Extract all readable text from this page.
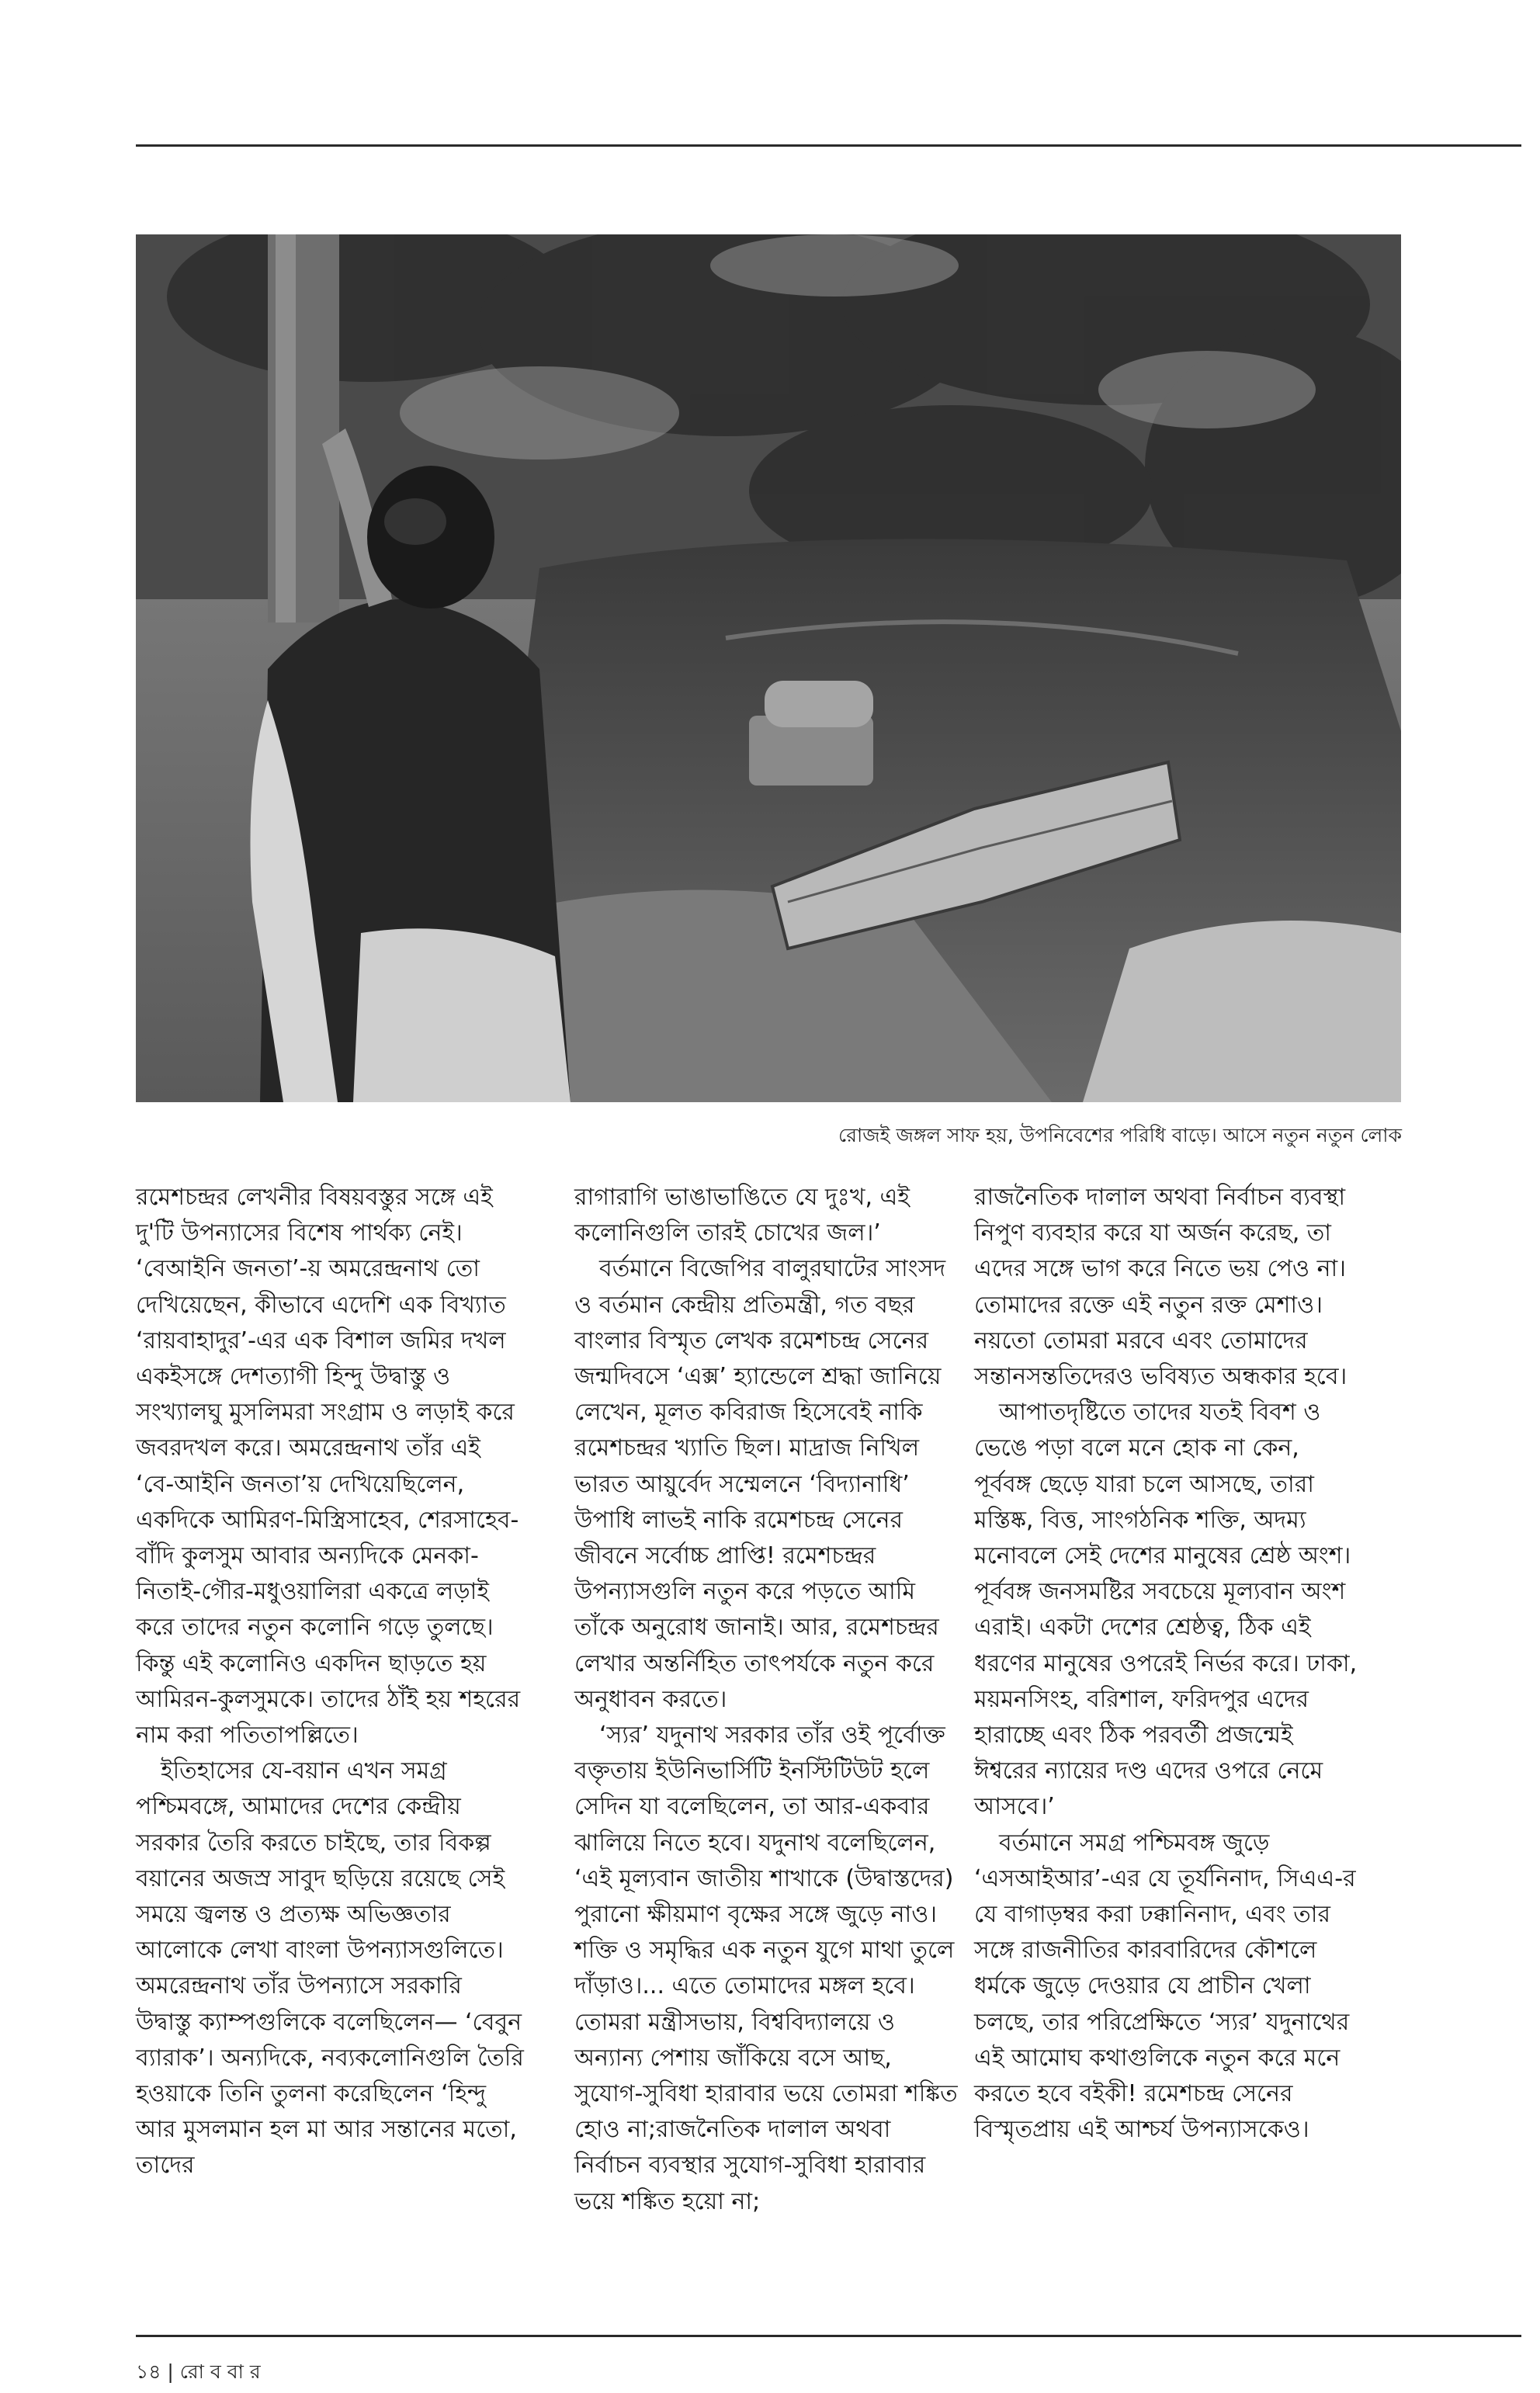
রোজই জঙ্গল সাফ হয়, উপনিবেশের পরিধি বাড়ে। আসে নতুন নতুন লোক

রমেশচন্দ্রর লেখনীর বিষয়বস্তুর সঙ্গে এই দু'টি উপন্যাসের বিশেষ পার্থক্য নেই। ‘বেআইনি জনতা’-য় অমরেন্দ্রনাথ তো দেখিয়েছেন, কীভাবে এদেশি এক বিখ্যাত ‘রায়বাহাদুর’-এর এক বিশাল জমির দখল একইসঙ্গে দেশত্যাগী হিন্দু উদ্বাস্তু ও সংখ্যালঘু মুসলিমরা সংগ্রাম ও লড়াই করে জবরদখল করে। অমরেন্দ্রনাথ তাঁর এই ‘বে-আইনি জনতা’য় দেখিয়েছিলেন, একদিকে আমিরণ-মিস্ত্রিসাহেব, শেরসাহেব-বাঁদি কুলসুম আবার অন্যদিকে মেনকা-নিতাই-গৌর-মধুওয়ালিরা একত্রে লড়াই করে তাদের নতুন কলোনি গড়ে তুলছে। কিন্তু এই কলোনিও একদিন ছাড়তে হয় আমিরন-কুলসুমকে। তাদের ঠাঁই হয় শহরের নাম করা পতিতাপল্লিতে।

ইতিহাসের যে-বয়ান এখন সমগ্র পশ্চিমবঙ্গে, আমাদের দেশের কেন্দ্রীয় সরকার তৈরি করতে চাইছে, তার বিকল্প বয়ানের অজস্র সাবুদ ছড়িয়ে রয়েছে সেই সময়ে জ্বলন্ত ও প্রত্যক্ষ অভিজ্ঞতার আলোকে লেখা বাংলা উপন্যাসগুলিতে। অমরেন্দ্রনাথ তাঁর উপন্যাসে সরকারি উদ্বাস্তু ক্যাম্পগুলিকে বলেছিলেন— ‘বেবুন ব্যারাক’। অন্যদিকে, নব্যকলোনিগুলি তৈরি হওয়াকে তিনি তুলনা করেছিলেন ‘হিন্দু আর মুসলমান হল মা আর সন্তানের মতো, তাদের

রাগারাগি ভাঙাভাঙিতে যে দুঃখ, এই কলোনিগুলি তারই চোখের জল।’

বর্তমানে বিজেপির বালুরঘাটের সাংসদ ও বর্তমান কেন্দ্রীয় প্রতিমন্ত্রী, গত বছর বাংলার বিস্মৃত লেখক রমেশচন্দ্র সেনের জন্মদিবসে ‘এক্স’ হ্যান্ডেলে শ্রদ্ধা জানিয়ে লেখেন, মূলত কবিরাজ হিসেবেই নাকি রমেশচন্দ্রর খ্যাতি ছিল। মাদ্রাজ নিখিল ভারত আয়ুর্বেদ সম্মেলনে ‘বিদ্যানাধি’ উপাধি লাভই নাকি রমেশচন্দ্র সেনের জীবনে সর্বোচ্চ প্রাপ্তি! রমেশচন্দ্রর উপন্যাসগুলি নতুন করে পড়তে আমি তাঁকে অনুরোধ জানাই। আর, রমেশচন্দ্রর লেখার অন্তর্নিহিত তাৎপর্যকে নতুন করে অনুধাবন করতে।

‘স্যর’ যদুনাথ সরকার তাঁর ওই পূর্বোক্ত বক্তৃতায় ইউনিভার্সিটি ইনস্টিটিউট হলে সেদিন যা বলেছিলেন, তা আর-একবার ঝালিয়ে নিতে হবে। যদুনাথ বলেছিলেন, ‘এই মূল্যবান জাতীয় শাখাকে (উদ্বাস্তদের) পুরানো ক্ষীয়মাণ বৃক্ষের সঙ্গে জুড়ে নাও। শক্তি ও সমৃদ্ধির এক নতুন যুগে মাথা তুলে দাঁড়াও।... এতে তোমাদের মঙ্গল হবে। তোমরা মন্ত্রীসভায়, বিশ্ববিদ্যালয়ে ও অন্যান্য পেশায় জাঁকিয়ে বসে আছ, সুযোগ-সুবিধা হারাবার ভয়ে তোমরা শঙ্কিত হোও না;রাজনৈতিক দালাল অথবা নির্বাচন ব্যবস্থার সুযোগ-সুবিধা হারাবার ভয়ে শঙ্কিত হয়ো না;

রাজনৈতিক দালাল অথবা নির্বাচন ব্যবস্থা নিপুণ ব্যবহার করে যা অর্জন করেছ, তা এদের সঙ্গে ভাগ করে নিতে ভয় পেও না। তোমাদের রক্তে এই নতুন রক্ত মেশাও। নয়তো তোমরা মরবে এবং তোমাদের সন্তানসন্ততিদেরও ভবিষ্যত অন্ধকার হবে।

আপাতদৃষ্টিতে তাদের যতই বিবশ ও ভেঙে পড়া বলে মনে হোক না কেন, পূর্ববঙ্গ ছেড়ে যারা চলে আসছে, তারা মস্তিষ্ক, বিত্ত, সাংগঠনিক শক্তি, অদম্য মনোবলে সেই দেশের মানুষের শ্রেষ্ঠ অংশ। পূর্ববঙ্গ জনসমষ্টির সবচেয়ে মূল্যবান অংশ এরাই। একটা দেশের শ্রেষ্ঠত্ব, ঠিক এই ধরণের মানুষের ওপরেই নির্ভর করে। ঢাকা, ময়মনসিংহ, বরিশাল, ফরিদপুর এদের হারাচ্ছে এবং ঠিক পরবর্তী প্রজন্মেই ঈশ্বরের ন্যায়ের দণ্ড এদের ওপরে নেমে আসবে।’

বর্তমানে সমগ্র পশ্চিমবঙ্গ জুড়ে ‘এসআইআর’-এর যে তূর্যনিনাদ, সিএএ-র যে বাগাড়ম্বর করা ঢক্কানিনাদ, এবং তার সঙ্গে রাজনীতির কারবারিদের কৌশলে ধর্মকে জুড়ে দেওয়ার যে প্রাচীন খেলা চলছে, তার পরিপ্রেক্ষিতে ‘স্যর’ যদুনাথের এই আমোঘ কথাগুলিকে নতুন করে মনে করতে হবে বইকী! রমেশচন্দ্র সেনের বিস্মৃতপ্রায় এই আশ্চর্য উপন্যাসকেও।

১৪ | রো ব বা র
